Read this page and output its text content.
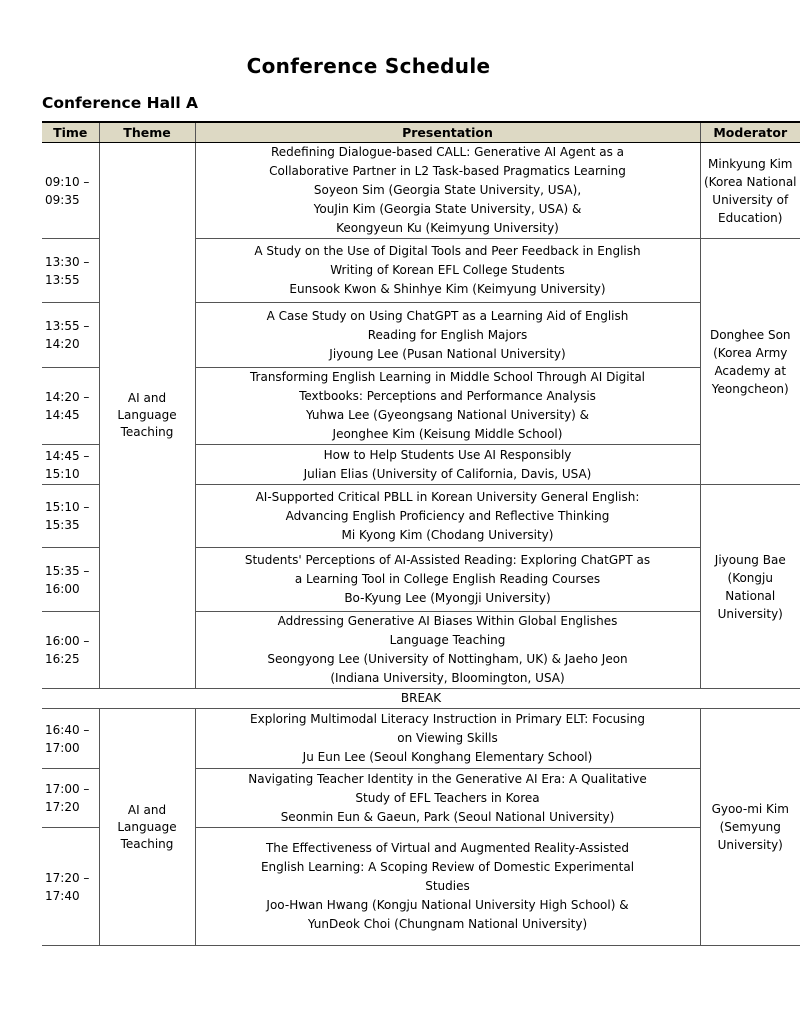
Conference Schedule
Conference Hall A
Time	Theme	Presentation	Moderator

09:10 –
09:35	AI and Language Teaching	Redefining Dialogue-based CALL: Generative AI Agent as a
Collaborative Partner in L2 Task-based Pragmatics Learning
Soyeon Sim (Georgia State University, USA),
YouJin Kim (Georgia State University, USA) &
Keongyeun Ku (Keimyung University)	Minkyung Kim
(Korea National University of Education)

13:30 –
13:55		A Study on the Use of Digital Tools and Peer Feedback in English
Writing of Korean EFL College Students
Eunsook Kwon & Shinhye Kim (Keimyung University)	Donghee Son
(Korea Army Academy at Yeongcheon)

13:55 –
14:20		A Case Study on Using ChatGPT as a Learning Aid of English
Reading for English Majors
Jiyoung Lee (Pusan National University)	

14:20 –
14:45		Transforming English Learning in Middle School Through AI Digital
Textbooks: Perceptions and Performance Analysis
Yuhwa Lee (Gyeongsang National University) &
Jeonghee Kim (Keisung Middle School)	

14:45 –
15:10		How to Help Students Use AI Responsibly
Julian Elias (University of California, Davis, USA)	

15:10 –
15:35		AI-Supported Critical PBLL in Korean University General English:
Advancing English Proficiency and Reflective Thinking
Mi Kyong Kim (Chodang University)	Jiyoung Bae
(Kongju National University)

15:35 –
16:00		Students' Perceptions of AI-Assisted Reading: Exploring ChatGPT as
a Learning Tool in College English Reading Courses
Bo-Kyung Lee (Myongji University)	

16:00 –
16:25		Addressing Generative AI Biases Within Global Englishes
Language Teaching
Seongyong Lee (University of Nottingham, UK) & Jaeho Jeon
(Indiana University, Bloomington, USA)	

BREAK			

16:40 –
17:00	AI and Language Teaching	Exploring Multimodal Literacy Instruction in Primary ELT: Focusing
on Viewing Skills
Ju Eun Lee (Seoul Konghang Elementary School)	Gyoo-mi Kim
(Semyung University)

17:00 –
17:20		Navigating Teacher Identity in the Generative AI Era: A Qualitative
Study of EFL Teachers in Korea
Seonmin Eun & Gaeun, Park (Seoul National University)	

17:20 –
17:40		The Effectiveness of Virtual and Augmented Reality-Assisted
English Learning: A Scoping Review of Domestic Experimental
Studies
Joo-Hwan Hwang (Kongju National University High School) &
YunDeok Choi (Chungnam National University)	
